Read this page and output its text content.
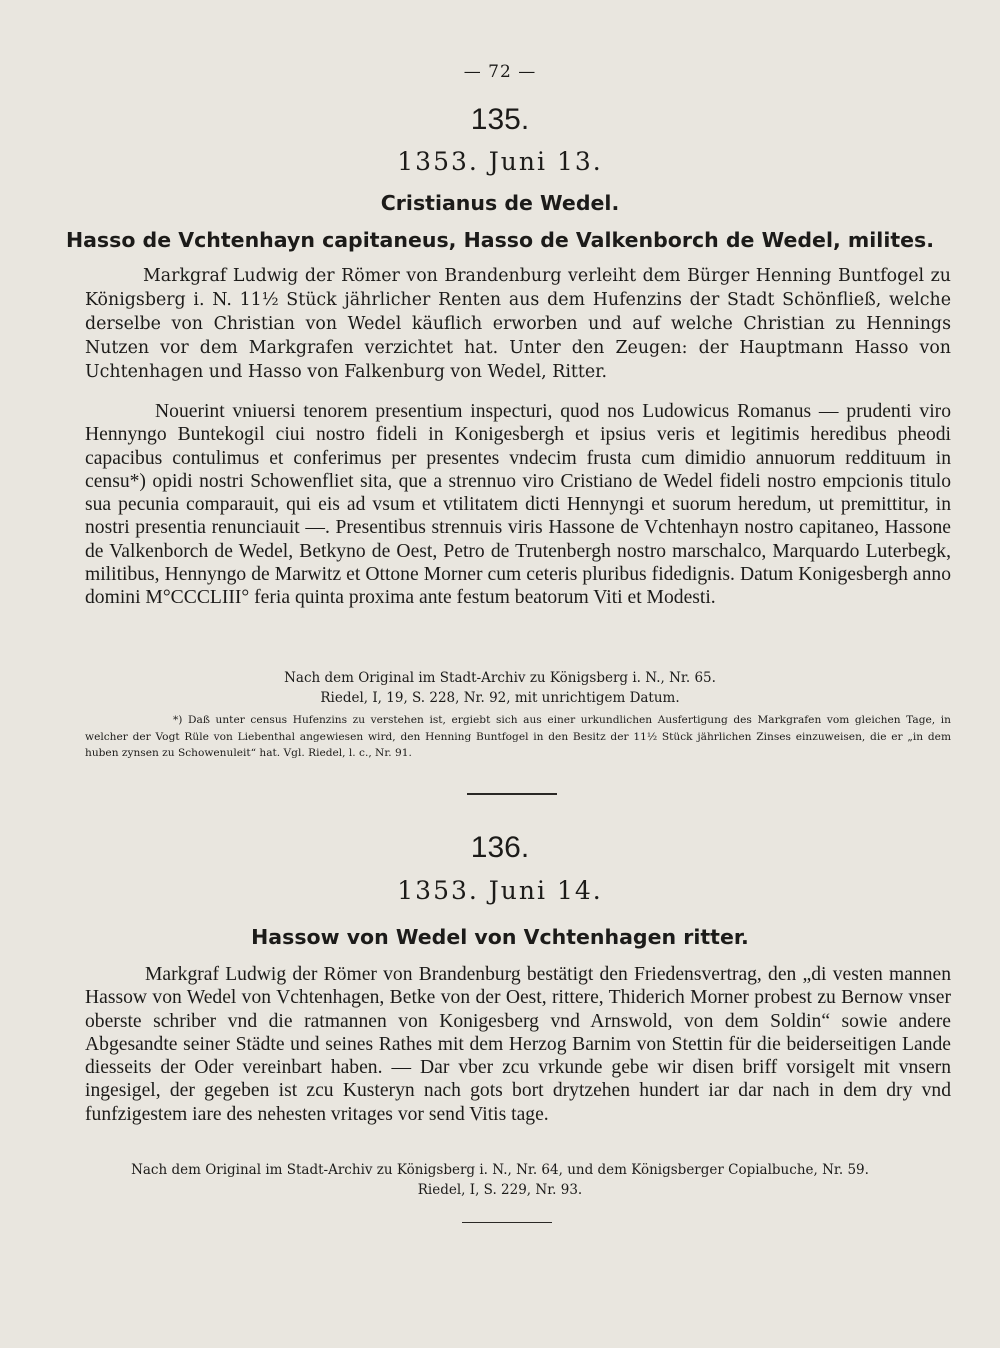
— 72 —
135.
1353. Juni 13.
Cristianus de Wedel.
Hasso de Vchtenhayn capitaneus, Hasso de Valkenborch de Wedel, milites.
Markgraf Ludwig der Römer von Brandenburg verleiht dem Bürger Henning Buntfogel zu Königsberg i. N. 11½ Stück jährlicher Renten aus dem Hufenzins der Stadt Schönfließ, welche derselbe von Christian von Wedel käuflich erworben und auf welche Christian zu Hennings Nutzen vor dem Markgrafen verzichtet hat. Unter den Zeugen: der Hauptmann Hasso von Uchtenhagen und Hasso von Falkenburg von Wedel, Ritter.
Nouerint vniuersi tenorem presentium inspecturi, quod nos Ludowicus Romanus — prudenti viro Hennyngo Buntekogil ciui nostro fideli in Konigesbergh et ipsius veris et legitimis heredibus pheodi capacibus contulimus et conferimus per presentes vndecim frusta cum dimidio annuorum reddituum in censu*) opidi nostri Schowenfliet sita, que a strennuo viro Cristiano de Wedel fideli nostro empcionis titulo sua pecunia comparauit, qui eis ad vsum et vtilitatem dicti Hennyngi et suorum heredum, ut premittitur, in nostri presentia renunciauit —. Presentibus strennuis viris Hassone de Vchtenhayn nostro capitaneo, Hassone de Valkenborch de Wedel, Betkyno de Oest, Petro de Trutenbergh nostro marschalco, Marquardo Luterbegk, militibus, Hennyngo de Marwitz et Ottone Morner cum ceteris pluribus fidedignis. Datum Konigesbergh anno domini M°CCCLIII° feria quinta proxima ante festum beatorum Viti et Modesti.
Nach dem Original im Stadt-Archiv zu Königsberg i. N., Nr. 65.
Riedel, I, 19, S. 228, Nr. 92, mit unrichtigem Datum.
*) Daß unter census Hufenzins zu verstehen ist, ergiebt sich aus einer urkundlichen Ausfertigung des Markgrafen vom gleichen Tage, in welcher der Vogt Rüle von Liebenthal angewiesen wird, den Henning Buntfogel in den Besitz der 11½ Stück jährlichen Zinses einzuweisen, die er „in dem huben zynsen zu Schowenuleit“ hat. Vgl. Riedel, l. c., Nr. 91.
136.
1353. Juni 14.
Hassow von Wedel von Vchtenhagen ritter.
Markgraf Ludwig der Römer von Brandenburg bestätigt den Friedensvertrag, den „di vesten mannen Hassow von Wedel von Vchtenhagen, Betke von der Oest, rittere, Thiderich Morner probest zu Bernow vnser oberste schriber vnd die ratmannen von Konigesberg vnd Arnswold, von dem Soldin“ sowie andere Abgesandte seiner Städte und seines Rathes mit dem Herzog Barnim von Stettin für die beiderseitigen Lande diesseits der Oder vereinbart haben. — Dar vber zcu vrkunde gebe wir disen briff vorsigelt mit vnsern ingesigel, der gegeben ist zcu Kusteryn nach gots bort drytzehen hundert iar dar nach in dem dry vnd funfzigestem iare des nehesten vritages vor send Vitis tage.
Nach dem Original im Stadt-Archiv zu Königsberg i. N., Nr. 64, und dem Königsberger Copialbuche, Nr. 59.
Riedel, I, S. 229, Nr. 93.
